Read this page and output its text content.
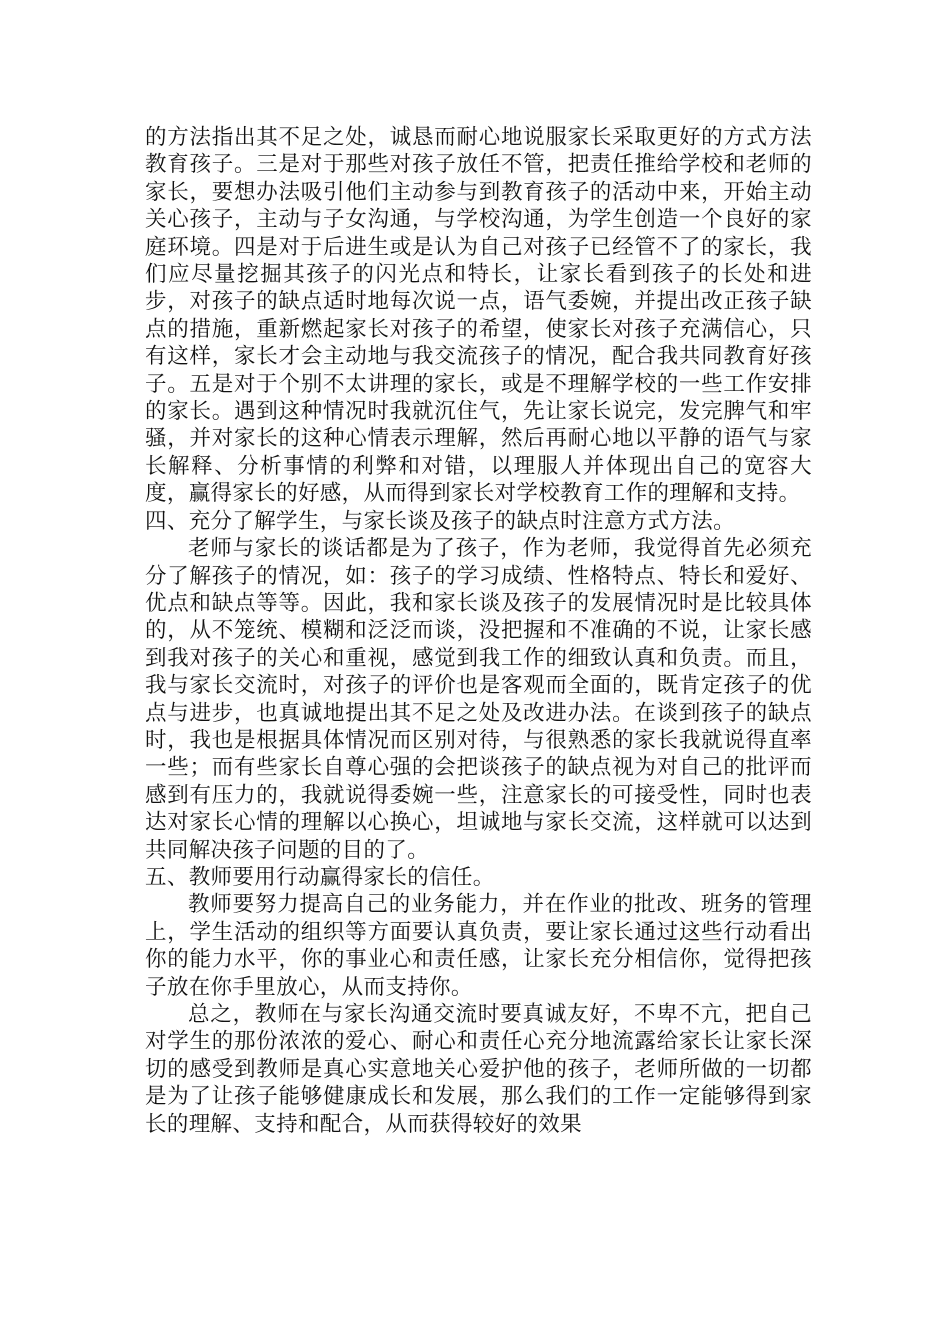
的方法指出其不足之处，诚恳而耐心地说服家长采取更好的方式方法教育孩子。三是对于那些对孩子放任不管，把责任推给学校和老师的家长，要想办法吸引他们主动参与到教育孩子的活动中来，开始主动关心孩子，主动与子女沟通，与学校沟通，为学生创造一个良好的家庭环境。四是对于后进生或是认为自己对孩子已经管不了的家长，我们应尽量挖掘其孩子的闪光点和特长，让家长看到孩子的长处和进步，对孩子的缺点适时地每次说一点，语气委婉，并提出改正孩子缺点的措施，重新燃起家长对孩子的希望，使家长对孩子充满信心，只有这样，家长才会主动地与我交流孩子的情况，配合我共同教育好孩子。五是对于个别不太讲理的家长，或是不理解学校的一些工作安排的家长。遇到这种情况时我就沉住气，先让家长说完，发完脾气和牢骚，并对家长的这种心情表示理解，然后再耐心地以平静的语气与家长解释、分析事情的利弊和对错，以理服人并体现出自己的宽容大度，赢得家长的好感，从而得到家长对学校教育工作的理解和支持。

四、充分了解学生，与家长谈及孩子的缺点时注意方式方法。

老师与家长的谈话都是为了孩子，作为老师，我觉得首先必须充分了解孩子的情况，如：孩子的学习成绩、性格特点、特长和爱好、优点和缺点等等。因此，我和家长谈及孩子的发展情况时是比较具体的，从不笼统、模糊和泛泛而谈，没把握和不准确的不说，让家长感到我对孩子的关心和重视，感觉到我工作的细致认真和负责。而且，我与家长交流时，对孩子的评价也是客观而全面的，既肯定孩子的优点与进步，也真诚地提出其不足之处及改进办法。在谈到孩子的缺点时，我也是根据具体情况而区别对待，与很熟悉的家长我就说得直率一些；而有些家长自尊心强的会把谈孩子的缺点视为对自己的批评而感到有压力的，我就说得委婉一些，注意家长的可接受性，同时也表达对家长心情的理解以心换心，坦诚地与家长交流，这样就可以达到共同解决孩子问题的目的了。

五、教师要用行动赢得家长的信任。

教师要努力提高自己的业务能力，并在作业的批改、班务的管理上，学生活动的组织等方面要认真负责，要让家长通过这些行动看出你的能力水平，你的事业心和责任感，让家长充分相信你，觉得把孩子放在你手里放心，从而支持你。

总之，教师在与家长沟通交流时要真诚友好，不卑不亢，把自己对学生的那份浓浓的爱心、耐心和责任心充分地流露给家长让家长深切的感受到教师是真心实意地关心爱护他的孩子，老师所做的一切都是为了让孩子能够健康成长和发展，那么我们的工作一定能够得到家长的理解、支持和配合，从而获得较好的效果
